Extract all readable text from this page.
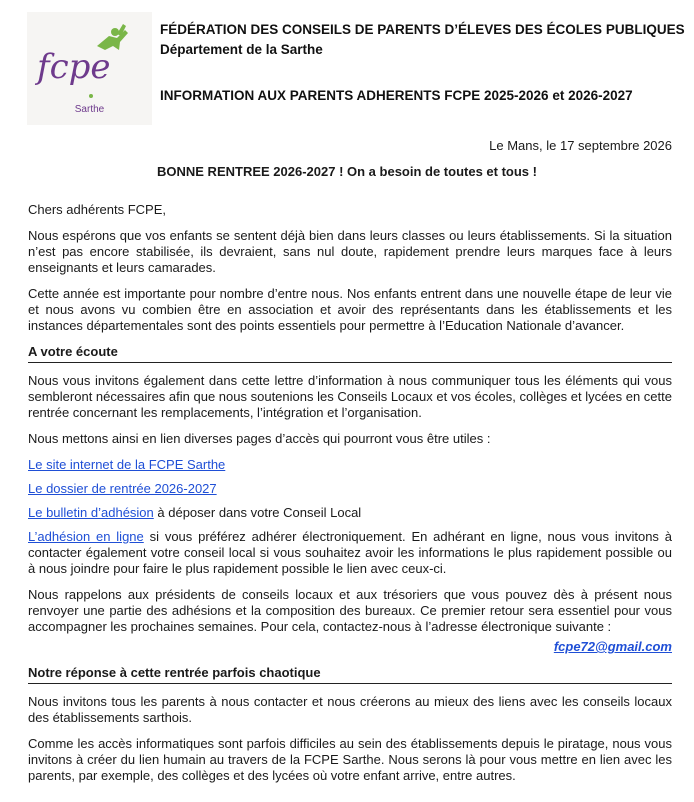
fcpe
Sarthe
FÉDÉRATION DES CONSEILS DE PARENTS D’ÉLEVES DES ÉCOLES PUBLIQUES
Département de la Sarthe
INFORMATION AUX PARENTS ADHERENTS FCPE 2025-2026 et 2026-2027
Le Mans, le 17 septembre 2026
BONNE RENTREE 2026-2027 ! On a besoin de toutes et tous !

Chers adhérents FCPE,

Nous espérons que vos enfants se sentent déjà bien dans leurs classes ou leurs établissements. Si la situation n’est pas encore stabilisée, ils devraient, sans nul doute, rapidement prendre leurs marques face à leurs enseignants et leurs camarades.

Cette année est importante pour nombre d’entre nous. Nos enfants entrent dans une nouvelle étape de leur vie et nous avons vu combien être en association et avoir des représentants dans les établissements et les instances départementales sont des points essentiels pour permettre à l’Education Nationale d’avancer.

A votre écoute

Nous vous invitons également dans cette lettre d’information à nous communiquer tous les éléments qui vous sembleront nécessaires afin que nous soutenions les Conseils Locaux et vos écoles, collèges et lycées en cette rentrée concernant les remplacements, l’intégration et l’organisation.

Nous mettons ainsi en lien diverses pages d’accès qui pourront vous être utiles :

Le site internet de la FCPE Sarthe

Le dossier de rentrée 2026-2027

Le bulletin d’adhésion à déposer dans votre Conseil Local

L’adhésion en ligne si vous préférez adhérer électroniquement. En adhérant en ligne, nous vous invitons à contacter également votre conseil local si vous souhaitez avoir les informations le plus rapidement possible ou à nous joindre pour faire le plus rapidement possible le lien avec ceux-ci.

Nous rappelons aux présidents de conseils locaux et aux trésoriers que vous pouvez dès à présent nous renvoyer une partie des adhésions et la composition des bureaux. Ce premier retour sera essentiel pour vous accompagner les prochaines semaines. Pour cela, contactez-nous à l’adresse électronique suivante :

fcpe72@gmail.com
Notre réponse à cette rentrée parfois chaotique

Nous invitons tous les parents à nous contacter et nous créerons au mieux des liens avec les conseils locaux des établissements sarthois.

Comme les accès informatiques sont parfois difficiles au sein des établissements depuis le piratage, nous vous invitons à créer du lien humain au travers de la FCPE Sarthe. Nous serons là pour vous mettre en lien avec les parents, par exemple, des collèges et des lycées où votre enfant arrive, entre autres.
